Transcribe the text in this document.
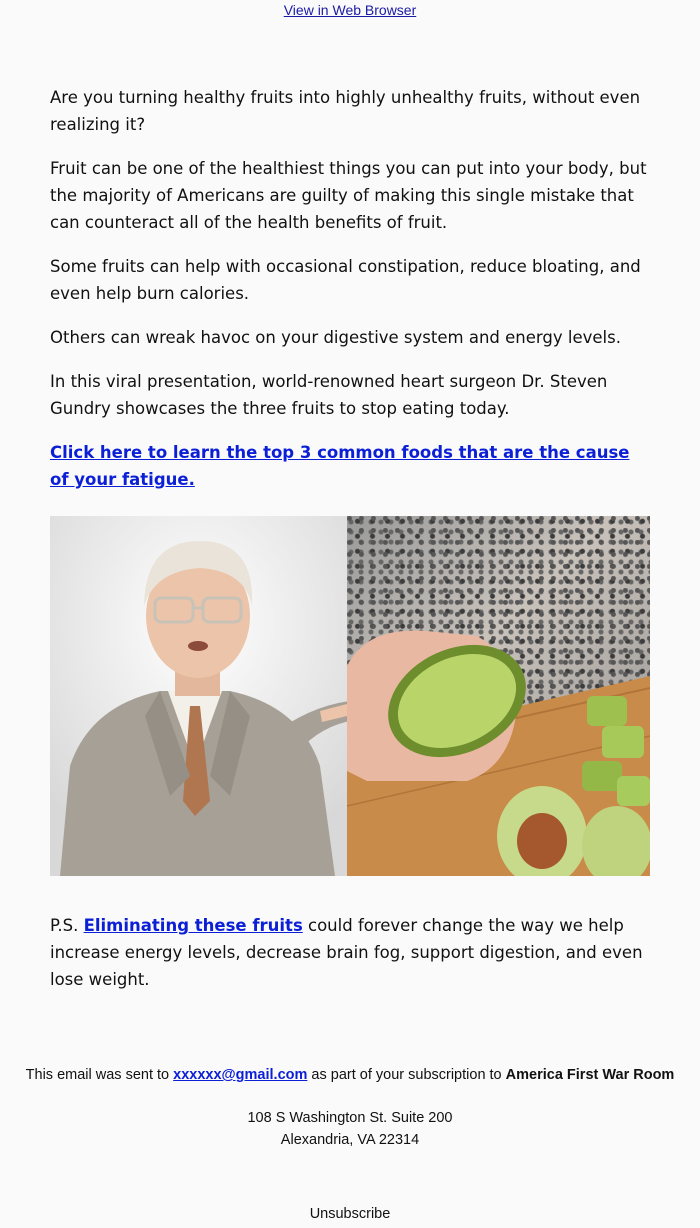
View in Web Browser

Are you turning healthy fruits into highly unhealthy fruits, without even realizing it?

Fruit can be one of the healthiest things you can put into your body, but the majority of Americans are guilty of making this single mistake that can counteract all of the health benefits of fruit.

Some fruits can help with occasional constipation, reduce bloating, and even help burn calories.

Others can wreak havoc on your digestive system and energy levels.

In this viral presentation, world-renowned heart surgeon Dr. Steven Gundry showcases the three fruits to stop eating today.

Click here to learn the top 3 common foods that are the cause of your fatigue.

P.S. Eliminating these fruits could forever change the way we help increase energy levels, decrease brain fog, support digestion, and even lose weight.
This email was sent to xxxxxx@gmail.com as part of your subscription to America First War Room
108 S Washington St. Suite 200
Alexandria, VA 22314
Unsubscribe
